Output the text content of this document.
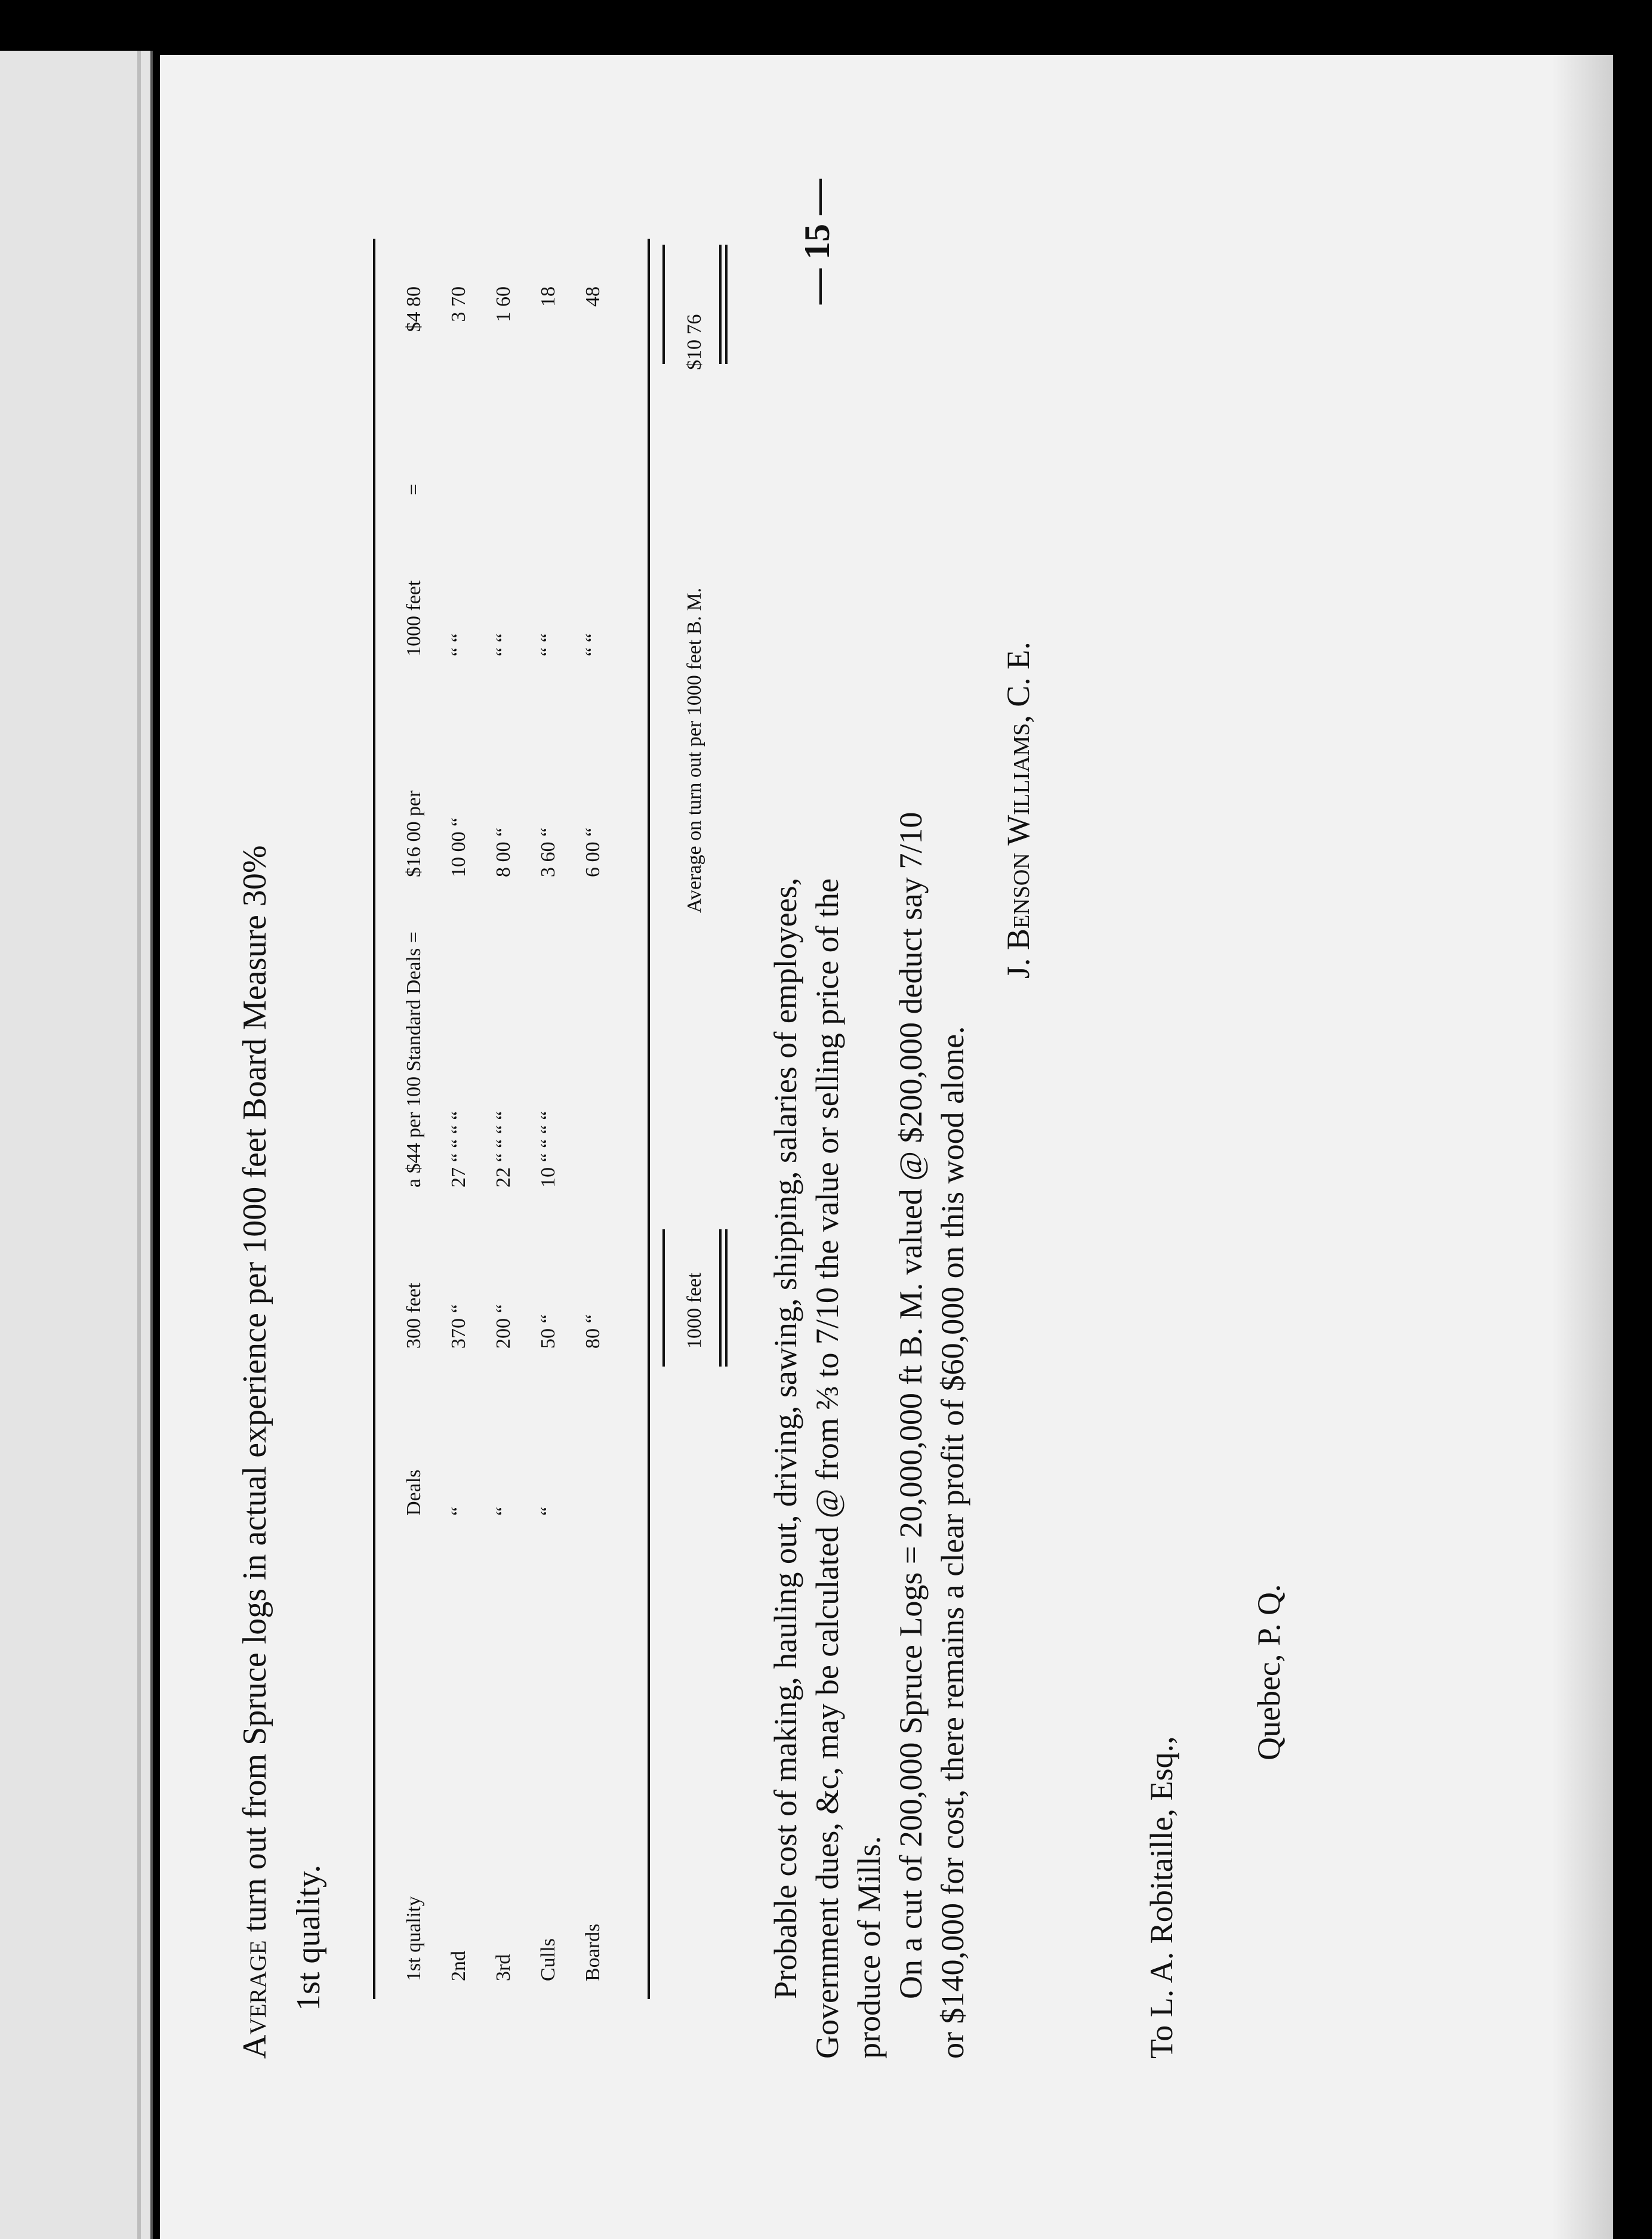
Average turn out from Spruce logs in actual experience per 1000 feet Board Measure 30%
1st quality.	1st quality
Deals
300 feet
a $44 per 100 Standard Deals =
$16 00 per
1000 feet
=
$4 80
2nd
“
370 “
27 “ “ “ “
10 00 “
“ “
3 70
3rd
“
200 “
22 “ “ “ “
8 00 “
“ “
1 60
Culls
“
50 “
10 “ “ “ “
3 60 “
“ “
18
Boards
80 “
6 00 “
“ “
48
1000 feet
Average on turn out per 1000 feet B. M.
$10 76
Probable cost of making, hauling out, driving, sawing, shipping, salaries of employees, Government dues, &c, may be calculated @ from ⅔ to 7/10 the value or selling price of the produce of Mills. On a cut of 200,000 Spruce Logs = 20,000,000 ft B. M. valued @ $200,000 deduct say 7/10 or $140,000 for cost, there remains a clear profit of $60,000 on this wood alone.
J. Benson Williams, C. E.
— 15 —
To L. A. Robitaille, Esq.,
Quebec, P. Q.
